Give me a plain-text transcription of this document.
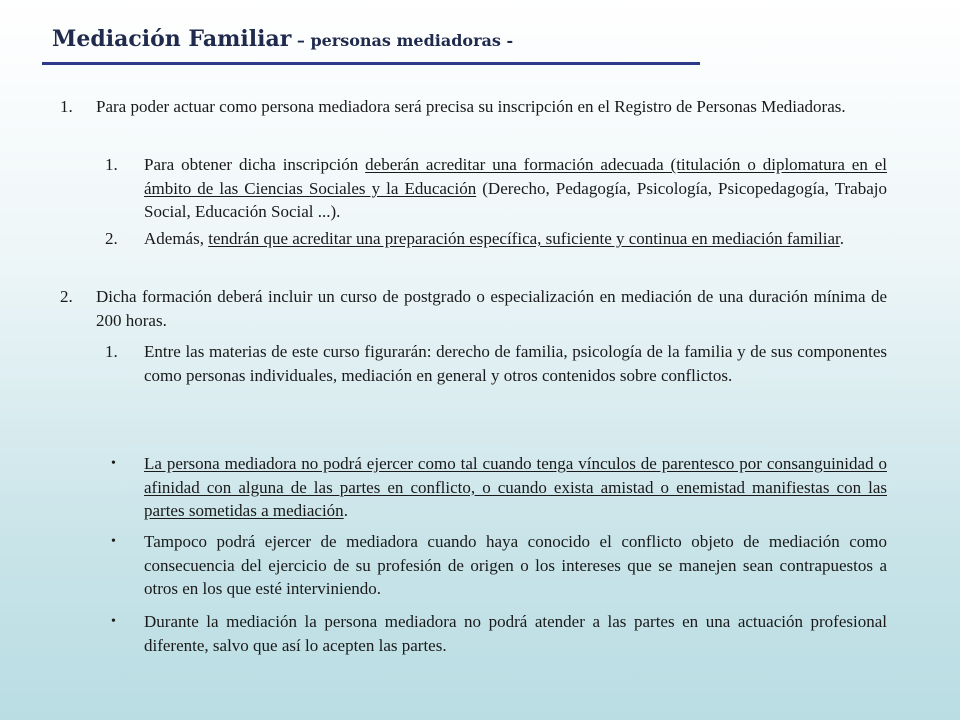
Mediación Familiar – personas mediadoras -
1. Para poder actuar como persona mediadora será precisa su inscripción en el Registro de Personas Mediadoras.
1. Para obtener dicha inscripción deberán acreditar una formación adecuada (titulación o diplomatura en el ámbito de las Ciencias Sociales y la Educación (Derecho, Pedagogía, Psicología, Psicopedagogía, Trabajo Social, Educación Social ...).
2. Además, tendrán que acreditar una preparación específica, suficiente y continua en mediación familiar.
2. Dicha formación deberá incluir un curso de postgrado o especialización en mediación de una duración mínima de 200 horas.
1. Entre las materias de este curso figurarán: derecho de familia, psicología de la familia y de sus componentes como personas individuales, mediación en general y otros contenidos sobre conflictos.
• La persona mediadora no podrá ejercer como tal cuando tenga vínculos de parentesco por consanguinidad o afinidad con alguna de las partes en conflicto, o cuando exista amistad o enemistad manifiestas con las partes sometidas a mediación.
• Tampoco podrá ejercer de mediadora cuando haya conocido el conflicto objeto de mediación como consecuencia del ejercicio de su profesión de origen o los intereses que se manejen sean contrapuestos a otros en los que esté interviniendo.
• Durante la mediación la persona mediadora no podrá atender a las partes en una actuación profesional diferente, salvo que así lo acepten las partes.
